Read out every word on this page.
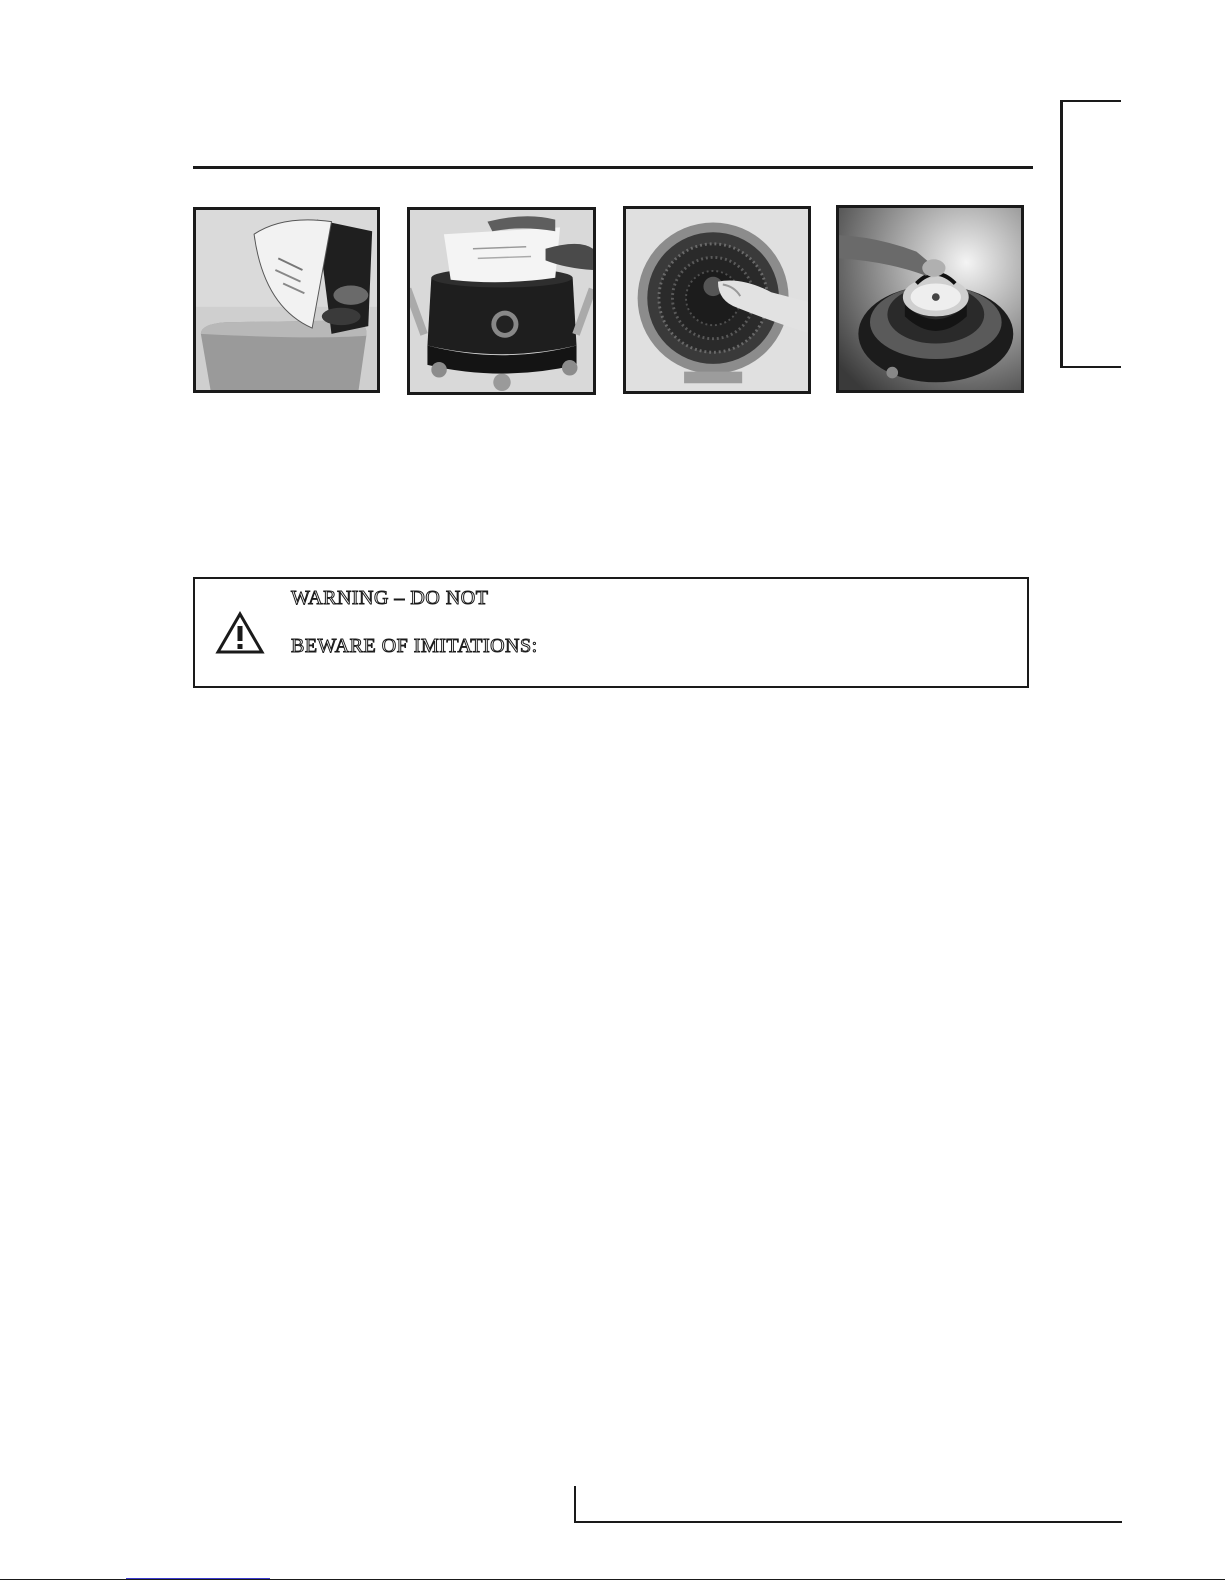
WARNING – DO NOT
BEWARE OF IMITATIONS:
